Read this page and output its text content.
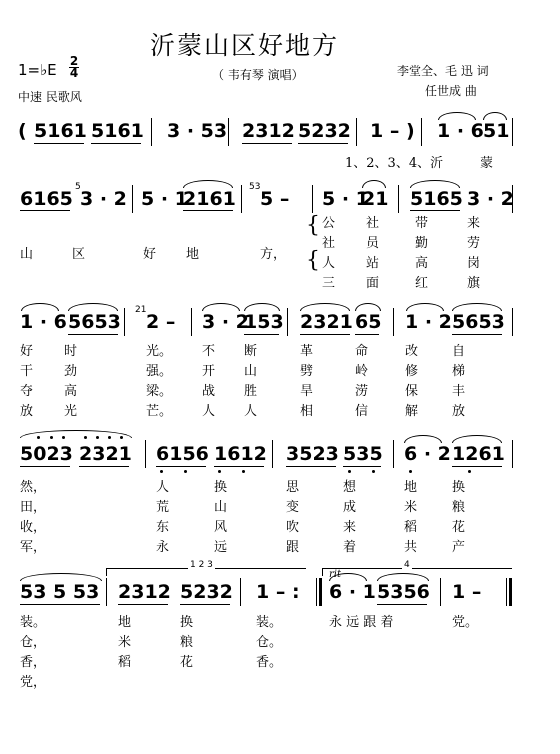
沂蒙山区好地方
（ 韦有琴 演唱）
1=♭E 2
4
中速 民歌风
李堂全、毛 迅 词
任世成 曲
( 5161 5161 3 · 53 2312 5232 1 – ) 1 · 6 51
1、2、3、4、沂	蒙
6165
5
3 · 2 5 · 1
2161
53
5 – 5 · 1
21 5165 3 · 2
山	区	好 地	方，
{
{
公 社	带	来
社 员	勤	劳
人 站	高	岗
三 面	红	旗
1 · 6 5653
21
2 – 3 · 2
153 2321 65 1 · 2 5653
好 时	光。 不 断	革	命	改	自
干 劲	强。 开 山	劈	岭	修	梯
夺 高	梁。 战 胜	旱	涝	保	丰
放 光	芒。 人 人	相	信	解	放
5023 2321 6156 1612 3523 535 6 · 2 1261
然，	人	换	思	想	地	换
田，	荒	山	变	成	米	粮
收，	东	风	吹	来	稻	花
军，	永	远	跟	着	共	产
1 2 3	4
rit
53 5 53 2312 5232 1 – : 6 · 1 5356 1 –
装。	地	换	装。	永 远 跟 着	党。
仓，	米	粮	仓。
香，	稻	花	香。
党，
